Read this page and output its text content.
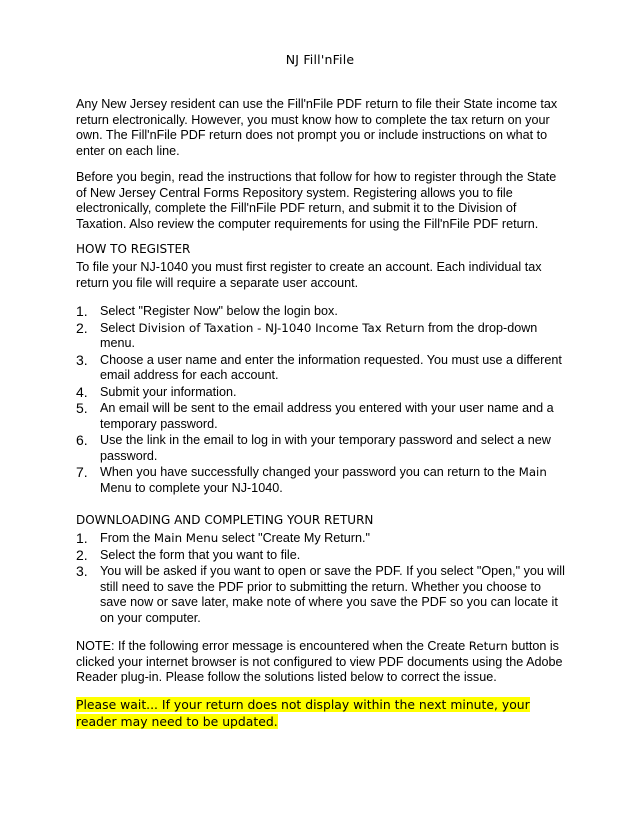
NJ Fill'nFile

Any New Jersey resident can use the Fill'nFile PDF return to file their State income tax return electronically. However, you must know how to complete the tax return on your own. The Fill'nFile PDF return does not prompt you or include instructions on what to enter on each line.

Before you begin, read the instructions that follow for how to register through the State of New Jersey Central Forms Repository system. Registering allows you to file electronically, complete the Fill'nFile PDF return, and submit it to the Division of Taxation. Also review the computer requirements for using the Fill'nFile PDF return.

HOW TO REGISTER

To file your NJ-1040 you must first register to create an account. Each individual tax return you file will require a separate user account.

1. Select "Register Now" below the login box.
2. Select Division of Taxation - NJ-1040 Income Tax Return from the drop-down menu.
3. Choose a user name and enter the information requested. You must use a different email address for each account.
4. Submit your information.
5. An email will be sent to the email address you entered with your user name and a temporary password.
6. Use the link in the email to log in with your temporary password and select a new password.
7. When you have successfully changed your password you can return to the Main Menu to complete your NJ-1040.
DOWNLOADING AND COMPLETING YOUR RETURN
1. From the Main Menu select "Create My Return."
2. Select the form that you want to file.
3. You will be asked if you want to open or save the PDF. If you select "Open," you will still need to save the PDF prior to submitting the return. Whether you choose to save now or save later, make note of where you save the PDF so you can locate it on your computer.

NOTE: If the following error message is encountered when the Create Return button is clicked your internet browser is not configured to view PDF documents using the Adobe Reader plug-in. Please follow the solutions listed below to correct the issue.

Please wait... If your return does not display within the next minute, your reader may need to be updated.
